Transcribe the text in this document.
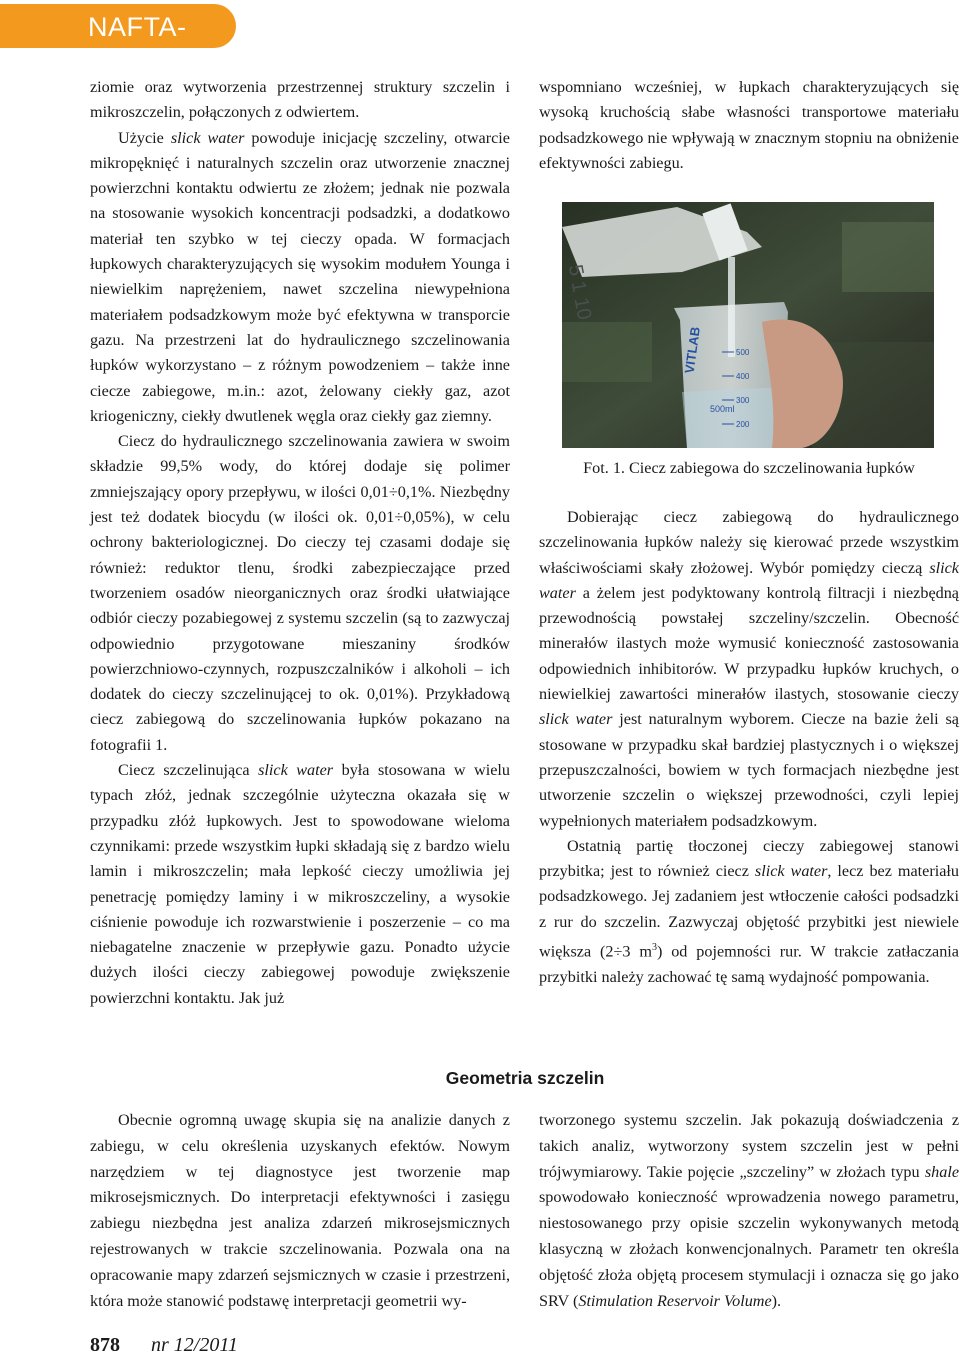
NAFTA-GAZ

ziomie oraz wytworzenia przestrzennej struktury szczelin i mikroszczelin, połączonych z odwiertem.

Użycie slick water powoduje inicjację szczeliny, otwarcie mikropęknięć i naturalnych szczelin oraz utworzenie znacznej powierzchni kontaktu odwiertu ze złożem; jednak nie pozwala na stosowanie wysokich koncentracji podsadzki, a dodatkowo materiał ten szybko w tej cieczy opada. W formacjach łupkowych charakteryzujących się wysokim modułem Younga i niewielkim naprężeniem, nawet szczelina niewypełniona materiałem podsadzkowym może być efektywna w transporcie gazu. Na przestrzeni lat do hydraulicznego szczelinowania łupków wykorzystano – z różnym powodzeniem – także inne ciecze zabiegowe, m.in.: azot, żelowany ciekły gaz, azot kriogeniczny, ciekły dwutlenek węgla oraz ciekły gaz ziemny.

Ciecz do hydraulicznego szczelinowania zawiera w swoim składzie 99,5% wody, do której dodaje się polimer zmniejszający opory przepływu, w ilości 0,01÷0,1%. Niezbędny jest też dodatek biocydu (w ilości ok. 0,01÷0,05%), w celu ochrony bakteriologicznej. Do cieczy tej czasami dodaje się również: reduktor tlenu, środki zabezpieczające przed tworzeniem osadów nieorganicznych oraz środki ułatwiające odbiór cieczy pozabiegowej z systemu szczelin (są to zazwyczaj odpowiednio przygotowane mieszaniny środków powierzchniowo-czynnych, rozpuszczalników i alkoholi – ich dodatek do cieczy szczelinującej to ok. 0,01%). Przykładową ciecz zabiegową do szczelinowania łupków pokazano na fotografii 1.

Ciecz szczelinująca slick water była stosowana w wielu typach złóż, jednak szczególnie użyteczna okazała się w przypadku złóż łupkowych. Jest to spowodowane wieloma czynnikami: przede wszystkim łupki składają się z bardzo wielu lamin i mikroszczelin; mała lepkość cieczy umożliwia jej penetrację pomiędzy laminy i w mikroszczeliny, a wysokie ciśnienie powoduje ich rozwarstwienie i poszerzenie – co ma niebagatelne znaczenie w przepływie gazu. Ponadto użycie dużych ilości cieczy zabiegowej powoduje zwiększenie powierzchni kontaktu. Jak już

wspomniano wcześniej, w łupkach charakteryzujących się wysoką kruchością słabe własności transportowe materiału podsadzkowego nie wpływają w znacznym stopniu na obniżenie efektywności zabiegu.

5 1 10
VITLAB
500ml
500
400
300
200
Fot. 1. Ciecz zabiegowa do szczelinowania łupków

Dobierając ciecz zabiegową do hydraulicznego szczelinowania łupków należy się kierować przede wszystkim właściwościami skały złożowej. Wybór pomiędzy cieczą slick water a żelem jest podyktowany kontrolą filtracji i niezbędną przewodnością powstałej szczeliny/szczelin. Obecność minerałów ilastych może wymusić konieczność zastosowania odpowiednich inhibitorów. W przypadku łupków kruchych, o niewielkiej zawartości minerałów ilastych, stosowanie cieczy slick water jest naturalnym wyborem. Ciecze na bazie żeli są stosowane w przypadku skał bardziej plastycznych i o większej przepuszczalności, bowiem w tych formacjach niezbędne jest utworzenie szczelin o większej przewodności, czyli lepiej wypełnionych materiałem podsadzkowym.

Ostatnią partię tłoczonej cieczy zabiegowej stanowi przybitka; jest to również ciecz slick water, lecz bez materiału podsadzkowego. Jej zadaniem jest wtłoczenie całości podsadzki z rur do szczelin. Zazwyczaj objętość przybitki jest niewiele większa (2÷3 $m^3$) od pojemności rur. W trakcie zatłaczania przybitki należy zachować tę samą wydajność pompowania.

Geometria szczelin

Obecnie ogromną uwagę skupia się na analizie danych z zabiegu, w celu określenia uzyskanych efektów. Nowym narzędziem w tej diagnostyce jest tworzenie map mikrosejsmicznych. Do interpretacji efektywności i zasięgu zabiegu niezbędna jest analiza zdarzeń mikrosejsmicznych rejestrowanych w trakcie szczelinowania. Pozwala ona na opracowanie mapy zdarzeń sejsmicznych w czasie i przestrzeni, która może stanowić podstawę interpretacji geometrii wy-

tworzonego systemu szczelin. Jak pokazują doświadczenia z takich analiz, wytworzony system szczelin jest w pełni trójwymiarowy. Takie pojęcie „szczeliny” w złożach typu shale spowodowało konieczność wprowadzenia nowego parametru, niestosowanego przy opisie szczelin wykonywanych metodą klasyczną w złożach konwencjonalnych. Parametr ten określa objętość złoża objętą procesem stymulacji i oznacza się go jako SRV (Stimulation Reservoir Volume).

878 nr 12/2011
